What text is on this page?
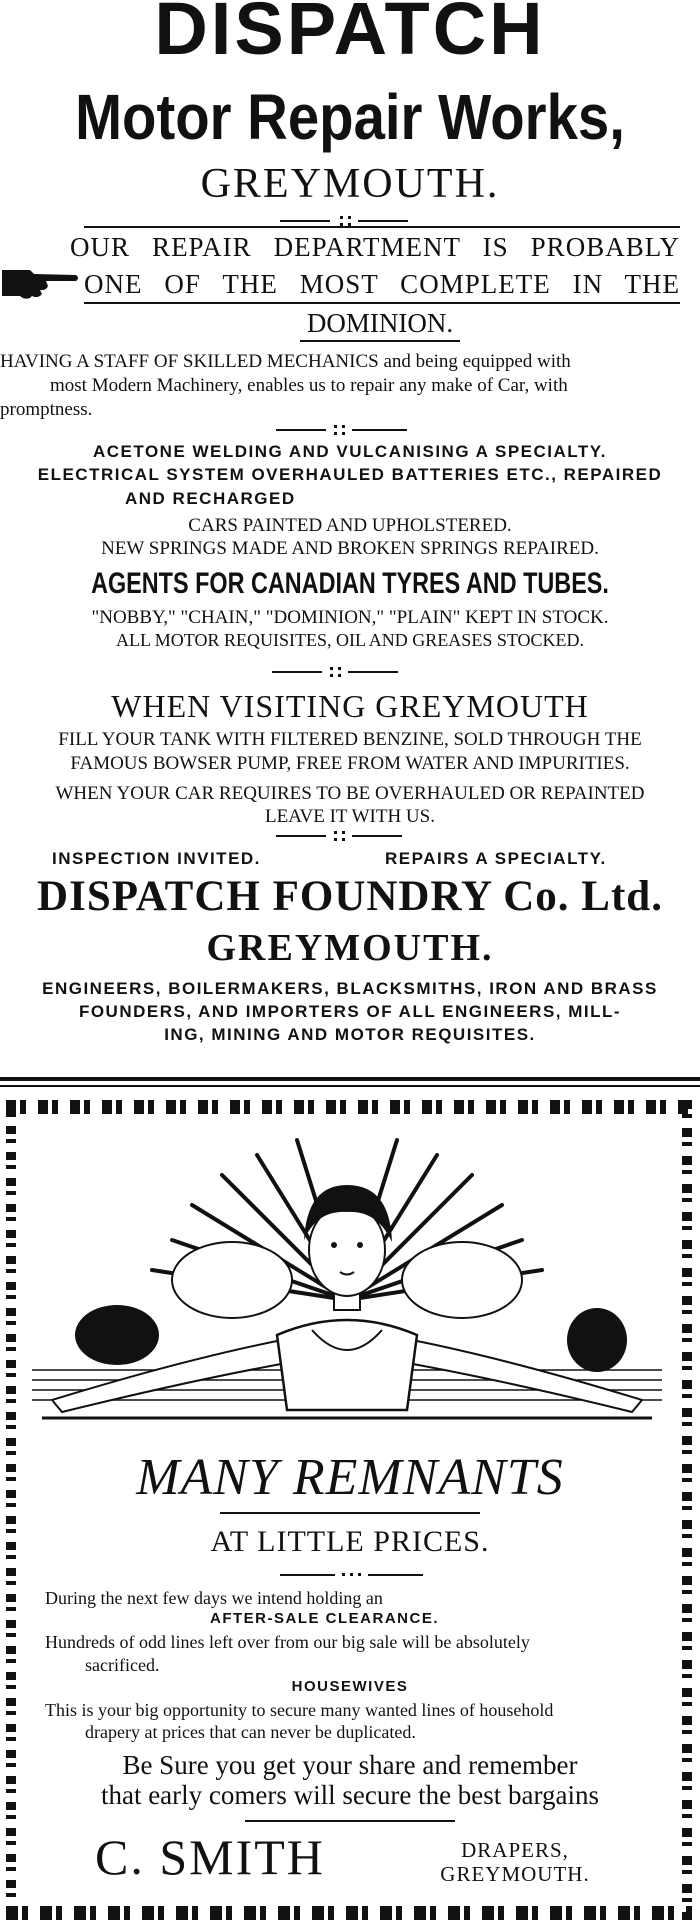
DISPATCH
Motor Repair Works,
GREYMOUTH.
OUR REPAIR DEPARTMENT IS PROBABLY
ONE OF THE MOST COMPLETE IN THE
DOMINION.
HAVING A STAFF OF SKILLED MECHANICS and being equipped with
most Modern Machinery, enables us to repair any make of Car, with
promptness.
ACETONE WELDING AND VULCANISING A SPECIALTY.
ELECTRICAL SYSTEM OVERHAULED BATTERIES ETC., REPAIRED
AND RECHARGED
CARS PAINTED AND UPHOLSTERED.
NEW SPRINGS MADE AND BROKEN SPRINGS REPAIRED.
AGENTS FOR CANADIAN TYRES AND TUBES.
"NOBBY," "CHAIN," "DOMINION," "PLAIN" KEPT IN STOCK.
ALL MOTOR REQUISITES, OIL AND GREASES STOCKED.
WHEN VISITING GREYMOUTH
FILL YOUR TANK WITH FILTERED BENZINE, SOLD THROUGH THE
FAMOUS BOWSER PUMP, FREE FROM WATER AND IMPURITIES.
WHEN YOUR CAR REQUIRES TO BE OVERHAULED OR REPAINTED
LEAVE IT WITH US.
INSPECTION INVITED.	REPAIRS A SPECIALTY.
DISPATCH FOUNDRY Co. Ltd.
GREYMOUTH.
ENGINEERS, BOILERMAKERS, BLACKSMITHS, IRON AND BRASS
FOUNDERS, AND IMPORTERS OF ALL ENGINEERS, MILL-
ING, MINING AND MOTOR REQUISITES.
MANY REMNANTS
AT LITTLE PRICES.
During the next few days we intend holding an
AFTER-SALE CLEARANCE.
Hundreds of odd lines left over from our big sale will be absolutely
sacrificed.
HOUSEWIVES
This is your big opportunity to secure many wanted lines of household
drapery at prices that can never be duplicated.
Be Sure you get your share and remember
that early comers will secure the best bargains
C. SMITH	DRAPERS,
GREYMOUTH.
